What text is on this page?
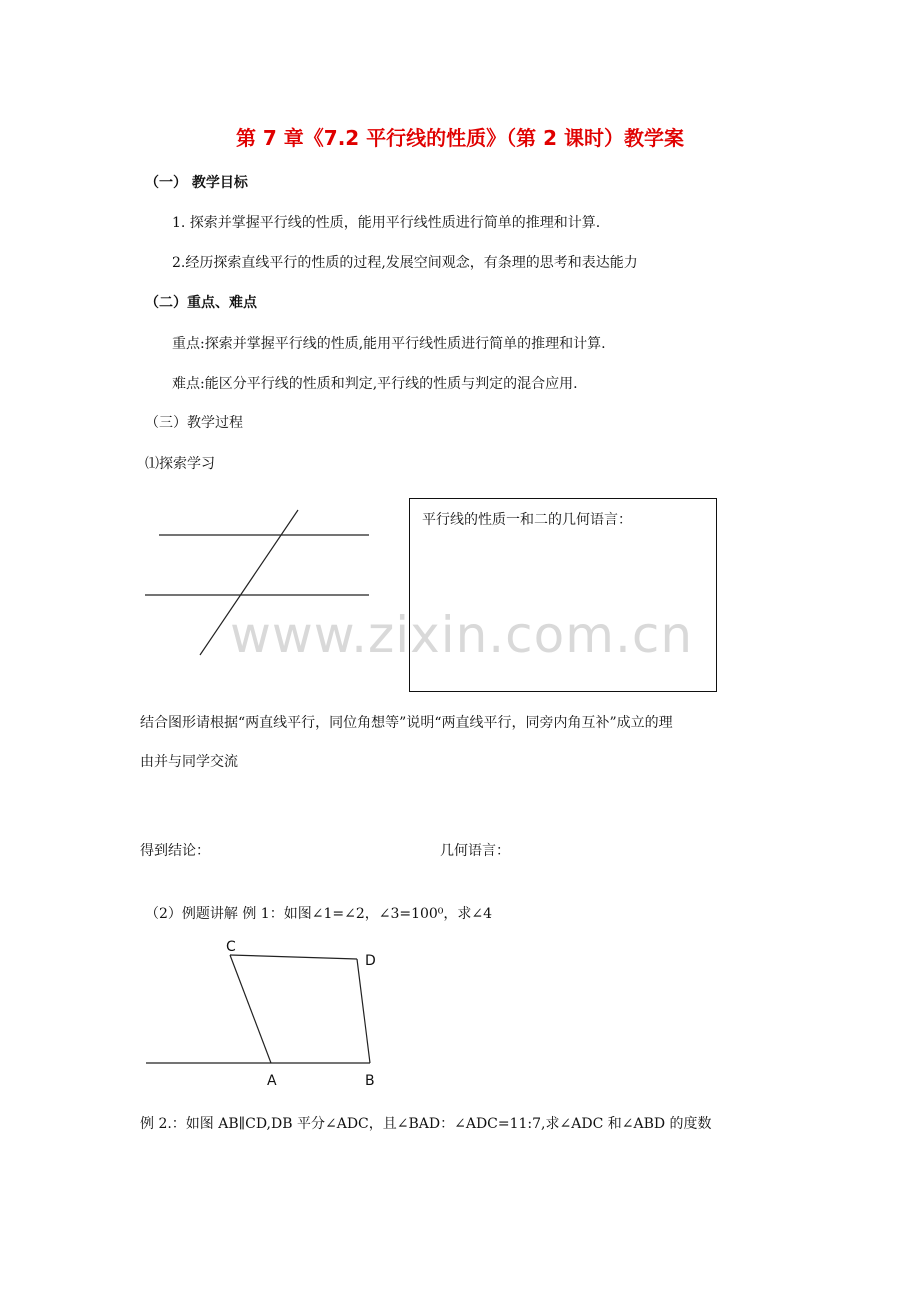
第 7 章《7.2 平行线的性质》（第 2 课时）教学案
（一） 教学目标
1. 探索并掌握平行线的性质，能用平行线性质进行简单的推理和计算.
2.经历探索直线平行的性质的过程,发展空间观念，有条理的思考和表达能力
（二）重点、难点
重点:探索并掌握平行线的性质,能用平行线性质进行简单的推理和计算.
难点:能区分平行线的性质和判定,平行线的性质与判定的混合应用.
（三）教学过程
⑴探索学习
平行线的性质一和二的几何语言：
www.zixin.com.cn
结合图形请根据“两直线平行，同位角想等”说明“两直线平行，同旁内角互补”成立的理
由并与同学交流
得到结论：	几何语言：
（2）例题讲解 例 1：如图∠1=∠2，∠3=100⁰，求∠4
C
D
A	B
例 2.：如图 AB∥CD,DB 平分∠ADC，且∠BAD：∠ADC=11:7,求∠ADC 和∠ABD 的度数
